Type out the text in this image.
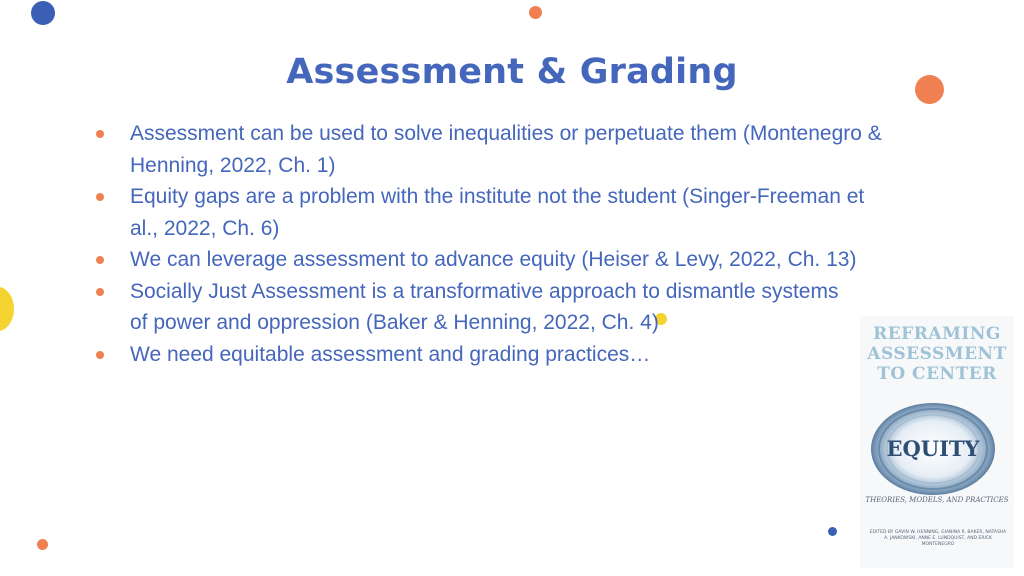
Assessment & Grading
Assessment can be used to solve inequalities or perpetuate them (Montenegro & Henning, 2022, Ch. 1)
Equity gaps are a problem with the institute not the student (Singer-Freeman et al., 2022, Ch. 6)
We can leverage assessment to advance equity (Heiser & Levy, 2022, Ch. 13)
Socially Just Assessment is a transformative approach to dismantle systems of power and oppression (Baker & Henning, 2022, Ch. 4)
We need equitable assessment and grading practices…
REFRAMING
ASSESSMENT
TO CENTER
EQUITY
THEORIES, MODELS, AND PRACTICES
EDITED BY GAVIN W. HENNING, GIANINA R. BAKER, NATASHA A. JANKOWSKI, ANNE E. LUNDQUIST, AND ERICK MONTENEGRO
